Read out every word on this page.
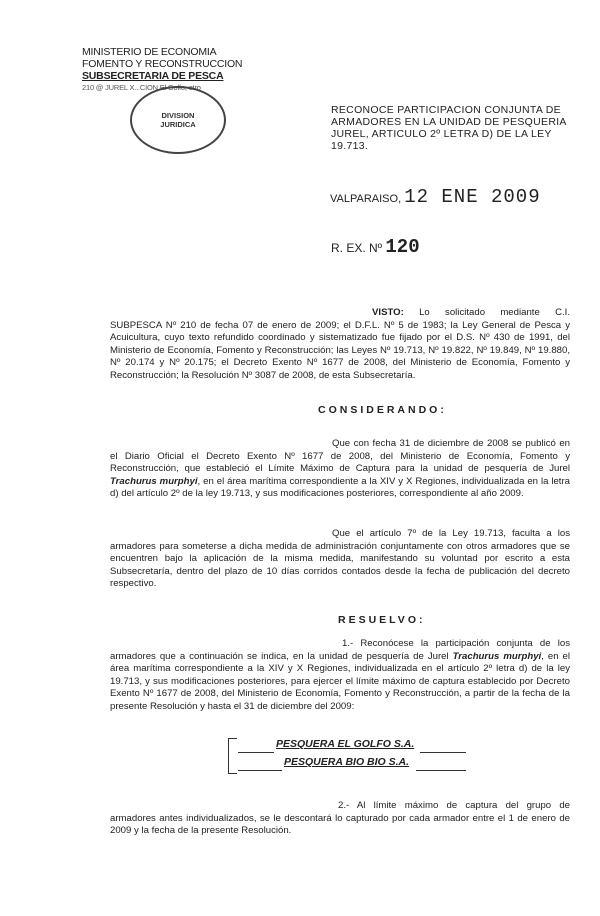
MINISTERIO DE ECONOMIA
FOMENTO Y RECONSTRUCCION
SUBSECRETARIA DE PESCA
210 @ JUREL X...CION El Golfo, otro
DIVISION
JURIDICA
RECONOCE PARTICIPACION CONJUNTA DE ARMADORES EN LA UNIDAD DE PESQUERIA JUREL, ARTICULO 2º LETRA D) DE LA LEY 19.713.
VALPARAISO, 12 ENE 2009
R. EX. Nº 120
VISTO: Lo solicitado mediante C.I. SUBPESCA Nº 210 de fecha 07 de enero de 2009; el D.F.L. Nº 5 de 1983; la Ley General de Pesca y Acuicultura, cuyo texto refundido coordinado y sistematizado fue fijado por el D.S. Nº 430 de 1991, del Ministerio de Economía, Fomento y Reconstrucción; las Leyes Nº 19.713, Nº 19.822, Nº 19.849, Nº 19.880, Nº 20.174 y Nº 20.175; el Decreto Exento Nº 1677 de 2008, del Ministerio de Economía, Fomento y Reconstrucción; la Resolución Nº 3087 de 2008, de esta Subsecretaría.
CONSIDERANDO:
Que con fecha 31 de diciembre de 2008 se publicó en el Diario Oficial el Decreto Exento Nº 1677 de 2008, del Ministerio de Economía, Fomento y Reconstrucción, que estableció el Límite Máximo de Captura para la unidad de pesquería de Jurel Trachurus murphyi, en el área marítima correspondiente a la XIV y X Regiones, individualizada en la letra d) del artículo 2º de la ley 19.713, y sus modificaciones posteriores, correspondiente al año 2009.
Que el artículo 7º de la Ley 19.713, faculta a los armadores para someterse a dicha medida de administración conjuntamente con otros armadores que se encuentren bajo la aplicación de la misma medida, manifestando su voluntad por escrito a esta Subsecretaría, dentro del plazo de 10 días corridos contados desde la fecha de publicación del decreto respectivo.
RESUELVO:
1.- Reconócese la participación conjunta de los armadores que a continuación se indica, en la unidad de pesquería de Jurel Trachurus murphyi, en el área marítima correspondiente a la XIV y X Regiones, individualizada en el artículo 2º letra d) de la ley 19.713, y sus modificaciones posteriores, para ejercer el límite máximo de captura establecido por Decreto Exento Nº 1677 de 2008, del Ministerio de Economía, Fomento y Reconstrucción, a partir de la fecha de la presente Resolución y hasta el 31 de diciembre del 2009:
PESQUERA EL GOLFO S.A.
PESQUERA BIO BIO S.A.
2.- Al límite máximo de captura del grupo de armadores antes individualizados, se le descontará lo capturado por cada armador entre el 1 de enero de 2009 y la fecha de la presente Resolución.
